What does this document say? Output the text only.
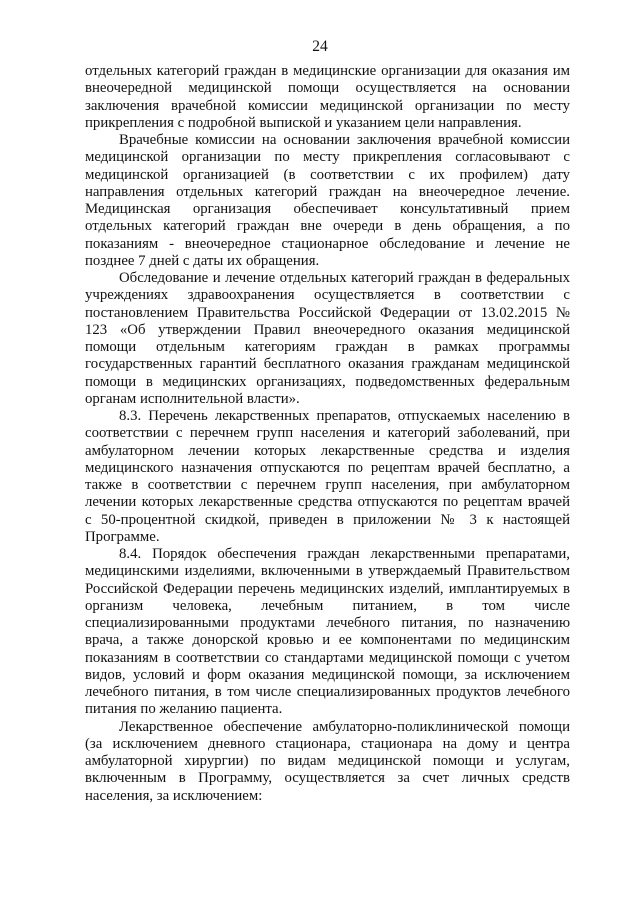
24
отдельных категорий граждан в медицинские организации для оказания им
внеочередной медицинской помощи осуществляется на основании
заключения врачебной комиссии медицинской организации по месту
прикрепления с подробной выпиской и указанием цели направления.
Врачебные комиссии на основании заключения врачебной комиссии
медицинской организации по месту прикрепления согласовывают с
медицинской организацией (в соответствии с их профилем) дату
направления отдельных категорий граждан на внеочередное лечение.
Медицинская организация обеспечивает консультативный прием
отдельных категорий граждан вне очереди в день обращения, а по
показаниям - внеочередное стационарное обследование и лечение не
позднее 7 дней с даты их обращения.
Обследование и лечение отдельных категорий граждан в федеральных
учреждениях здравоохранения осуществляется в соответствии с
постановлением Правительства Российской Федерации от 13.02.2015 №
123 «Об утверждении Правил внеочередного оказания медицинской
помощи отдельным категориям граждан в рамках программы
государственных гарантий бесплатного оказания гражданам медицинской
помощи в медицинских организациях, подведомственных федеральным
органам исполнительной власти».
8.3. Перечень лекарственных препаратов, отпускаемых населению в
соответствии с перечнем групп населения и категорий заболеваний, при
амбулаторном лечении которых лекарственные средства и изделия
медицинского назначения отпускаются по рецептам врачей бесплатно, а
также в соответствии с перечнем групп населения, при амбулаторном
лечении которых лекарственные средства отпускаются по рецептам врачей
с 50-процентной скидкой, приведен в приложении № 3 к настоящей
Программе.
8.4. Порядок обеспечения граждан лекарственными препаратами,
медицинскими изделиями, включенными в утверждаемый Правительством
Российской Федерации перечень медицинских изделий, имплантируемых в
организм человека, лечебным питанием, в том числе
специализированными продуктами лечебного питания, по назначению
врача, а также донорской кровью и ее компонентами по медицинским
показаниям в соответствии со стандартами медицинской помощи с учетом
видов, условий и форм оказания медицинской помощи, за исключением
лечебного питания, в том числе специализированных продуктов лечебного
питания по желанию пациента.
Лекарственное обеспечение амбулаторно-поликлинической помощи
(за исключением дневного стационара, стационара на дому и центра
амбулаторной хирургии) по видам медицинской помощи и услугам,
включенным в Программу, осуществляется за счет личных средств
населения, за исключением:
